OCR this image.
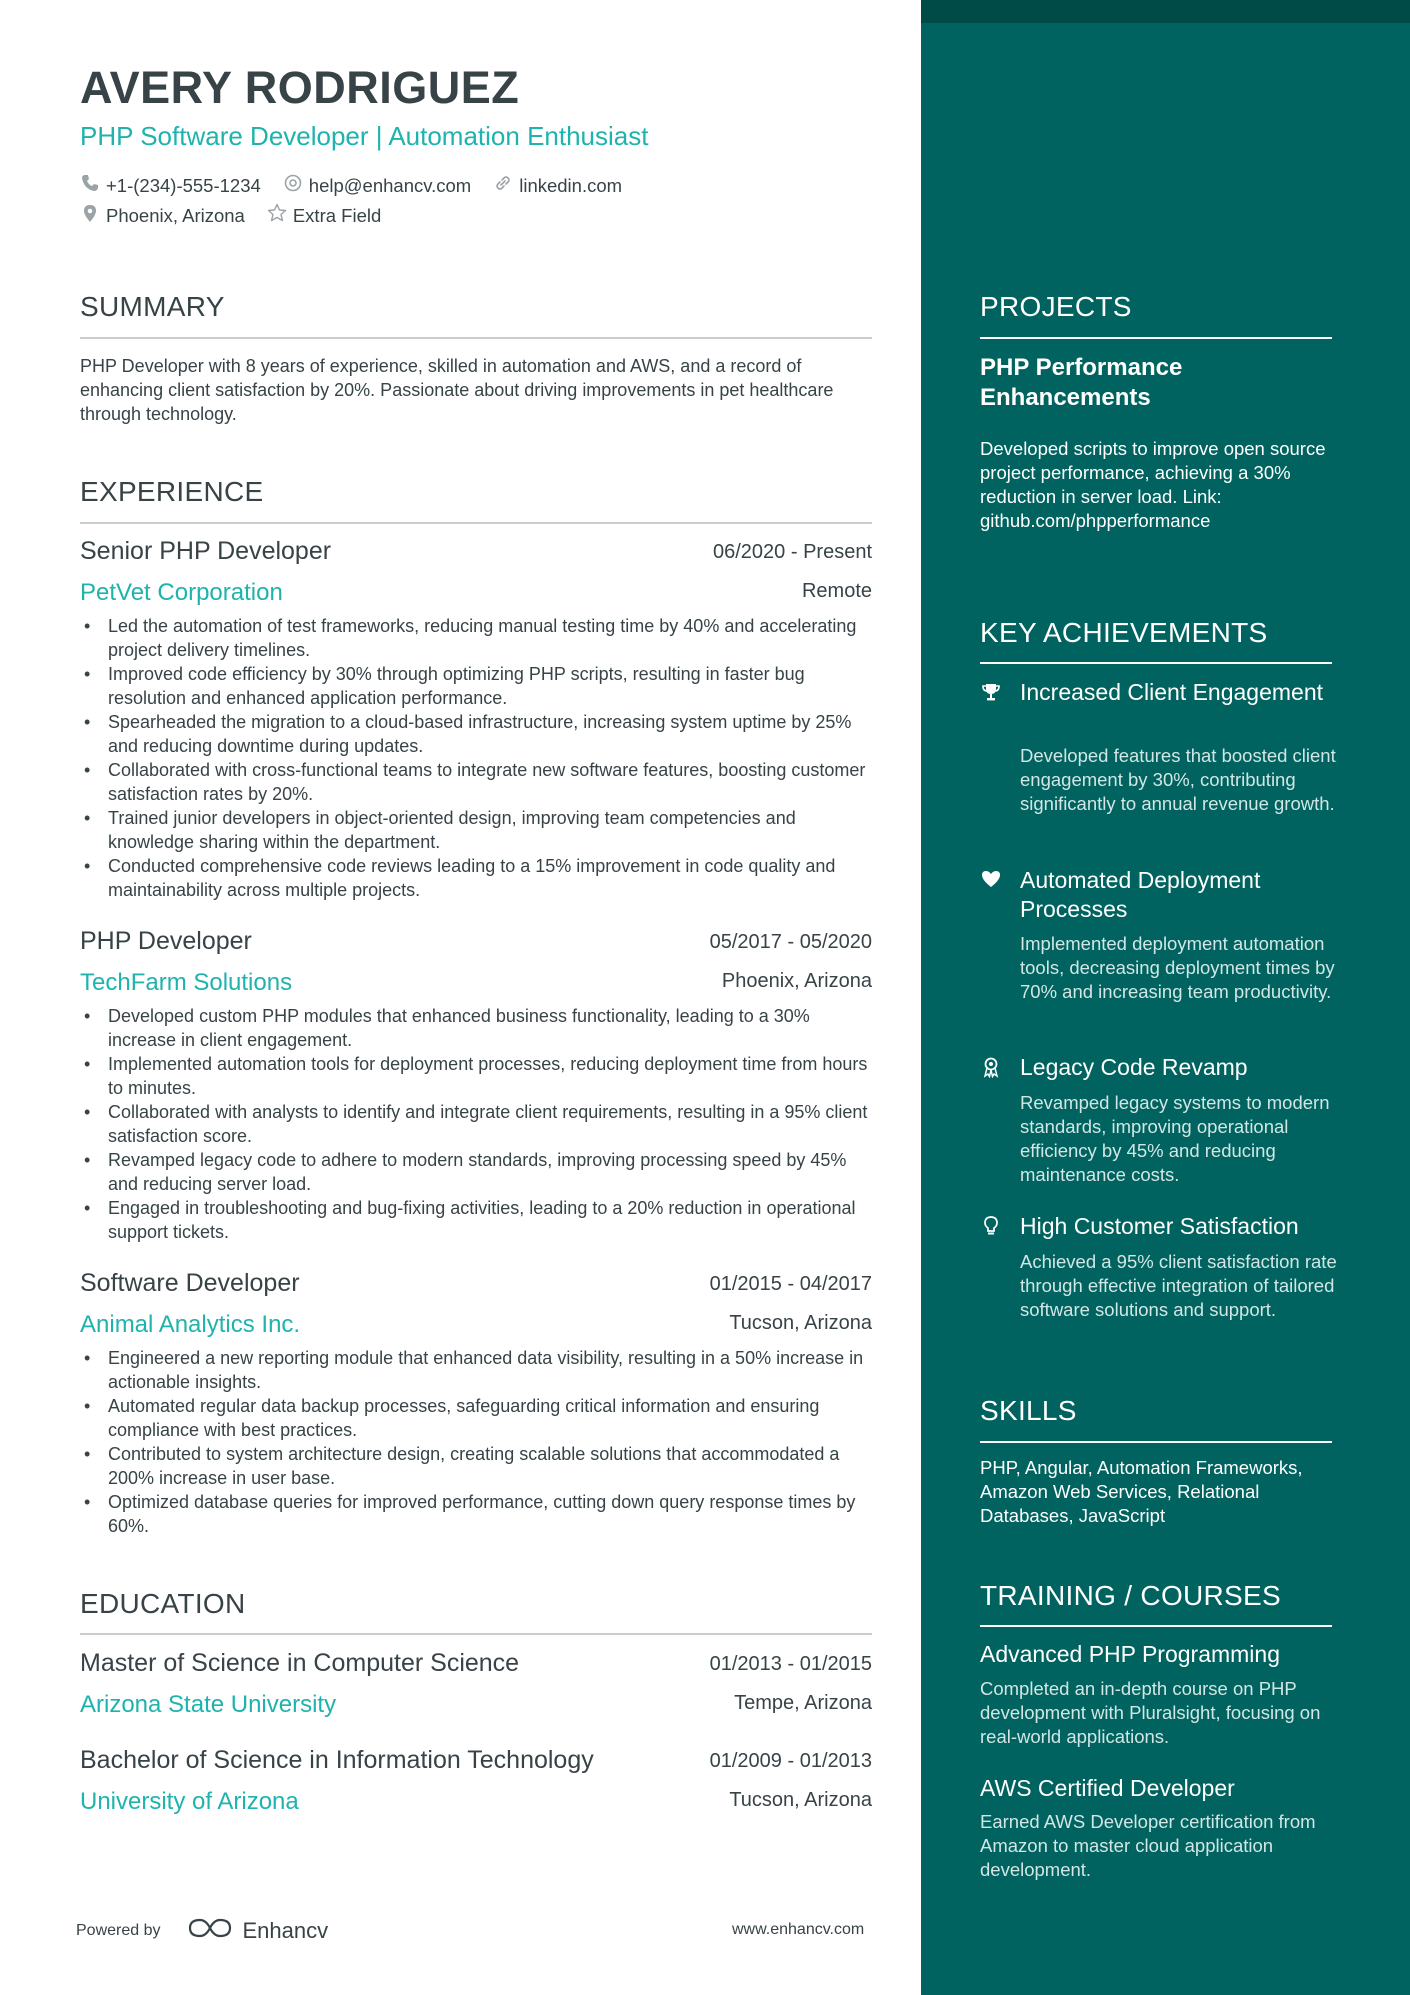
AVERY RODRIGUEZ
PHP Software Developer | Automation Enthusiast
+1-(234)-555-1234	help@enhancv.com	linkedin.com
Phoenix, Arizona	Extra Field
SUMMARY
PHP Developer with 8 years of experience, skilled in automation and AWS, and a record of enhancing client satisfaction by 20%. Passionate about driving improvements in pet healthcare through technology.
EXPERIENCE
Senior PHP Developer	06/2020 - Present
PetVet Corporation	Remote
• Led the automation of test frameworks, reducing manual testing time by 40% and accelerating project delivery timelines.
• Improved code efficiency by 30% through optimizing PHP scripts, resulting in faster bug resolution and enhanced application performance.
• Spearheaded the migration to a cloud-based infrastructure, increasing system uptime by 25% and reducing downtime during updates.
• Collaborated with cross-functional teams to integrate new software features, boosting customer satisfaction rates by 20%.
• Trained junior developers in object-oriented design, improving team competencies and knowledge sharing within the department.
• Conducted comprehensive code reviews leading to a 15% improvement in code quality and maintainability across multiple projects.
PHP Developer	05/2017 - 05/2020
TechFarm Solutions	Phoenix, Arizona
• Developed custom PHP modules that enhanced business functionality, leading to a 30% increase in client engagement.
• Implemented automation tools for deployment processes, reducing deployment time from hours to minutes.
• Collaborated with analysts to identify and integrate client requirements, resulting in a 95% client satisfaction score.
• Revamped legacy code to adhere to modern standards, improving processing speed by 45% and reducing server load.
• Engaged in troubleshooting and bug-fixing activities, leading to a 20% reduction in operational support tickets.
Software Developer	01/2015 - 04/2017
Animal Analytics Inc.	Tucson, Arizona
• Engineered a new reporting module that enhanced data visibility, resulting in a 50% increase in actionable insights.
• Automated regular data backup processes, safeguarding critical information and ensuring compliance with best practices.
• Contributed to system architecture design, creating scalable solutions that accommodated a 200% increase in user base.
• Optimized database queries for improved performance, cutting down query response times by 60%.
EDUCATION
Master of Science in Computer Science	01/2013 - 01/2015
Arizona State University	Tempe, Arizona
Bachelor of Science in Information Technology	01/2009 - 01/2013
University of Arizona	Tucson, Arizona
PROJECTS
PHP Performance Enhancements
Developed scripts to improve open source project performance, achieving a 30% reduction in server load. Link: github.com/phpperformance
KEY ACHIEVEMENTS
Increased Client Engagement
Developed features that boosted client engagement by 30%, contributing significantly to annual revenue growth.
Automated Deployment Processes
Implemented deployment automation tools, decreasing deployment times by 70% and increasing team productivity.
Legacy Code Revamp
Revamped legacy systems to modern standards, improving operational efficiency by 45% and reducing maintenance costs.
High Customer Satisfaction
Achieved a 95% client satisfaction rate through effective integration of tailored software solutions and support.
SKILLS
PHP, Angular, Automation Frameworks, Amazon Web Services, Relational Databases, JavaScript
TRAINING / COURSES
Advanced PHP Programming
Completed an in-depth course on PHP development with Pluralsight, focusing on real-world applications.
AWS Certified Developer
Earned AWS Developer certification from Amazon to master cloud application development.
Powered by	Enhancv	www.enhancv.com
